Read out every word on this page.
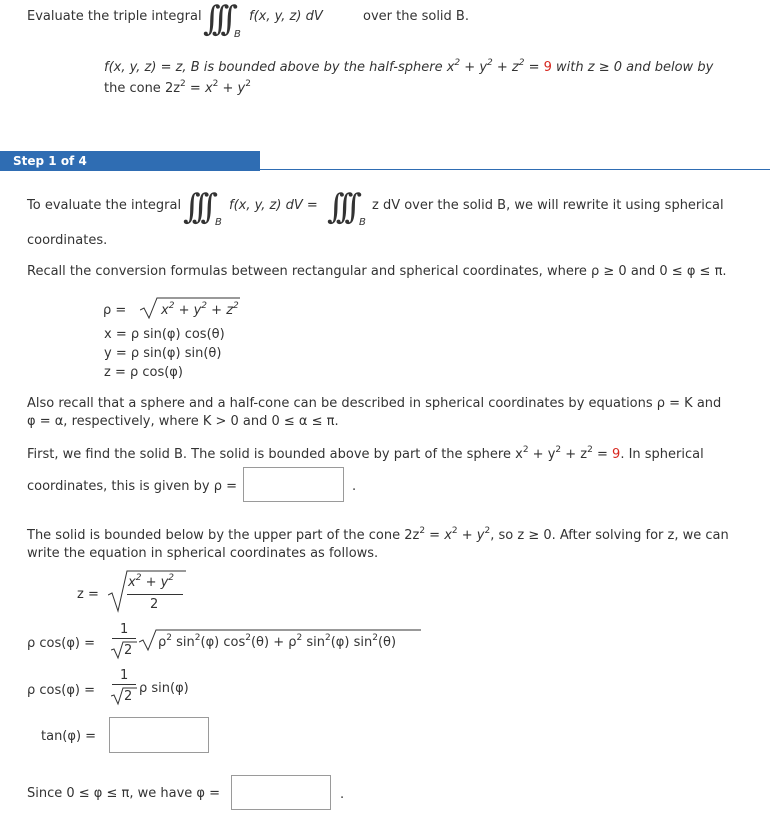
Evaluate the triple integral ∫∫∫ B
f(x, y, z) dV	over the solid B.
f(x, y, z) = z, B is bounded above by the half-sphere $x^2 + y^2 + z^2 = 9$ with z ≥ 0 and below by
the cone $2z^2 = x^2 + y^2$
Step 1 of 4
To evaluate the integral ∫∫∫ B
f(x, y, z) dV = ∫∫∫ B
z dV over the solid B, we will rewrite it using spherical
coordinates.
Recall the conversion formulas between rectangular and spherical coordinates, where ρ ≥ 0 and 0 ≤ φ ≤ π.
ρ =	$x^2 + y^2 + z^2$
x = ρ sin(φ) cos(θ)
y = ρ sin(φ) sin(θ)
z = ρ cos(φ)
Also recall that a sphere and a half-cone can be described in spherical coordinates by equations ρ = K and
φ = α, respectively, where K > 0 and 0 ≤ α ≤ π.
First, we find the solid B. The solid is bounded above by part of the sphere $x^2 + y^2 + z^2 = 9$. In spherical
coordinates, this is given by ρ =	.
The solid is bounded below by the upper part of the cone $2z^2 = x^2 + y^2$, so z ≥ 0. After solving for z, we can
write the equation in spherical coordinates as follows.
z =
$x^2 + y^2$
2
ρ cos(φ) =
1
2
$\rho^2$ $\sin^2(\varphi) \cos^2(\theta) + \rho^2$ $\sin^2(\varphi)$ $\sin^2(\theta)$
ρ cos(φ) =
1
2
ρ sin(φ)
tan(φ) =
Since 0 ≤ φ ≤ π, we have φ =	.
